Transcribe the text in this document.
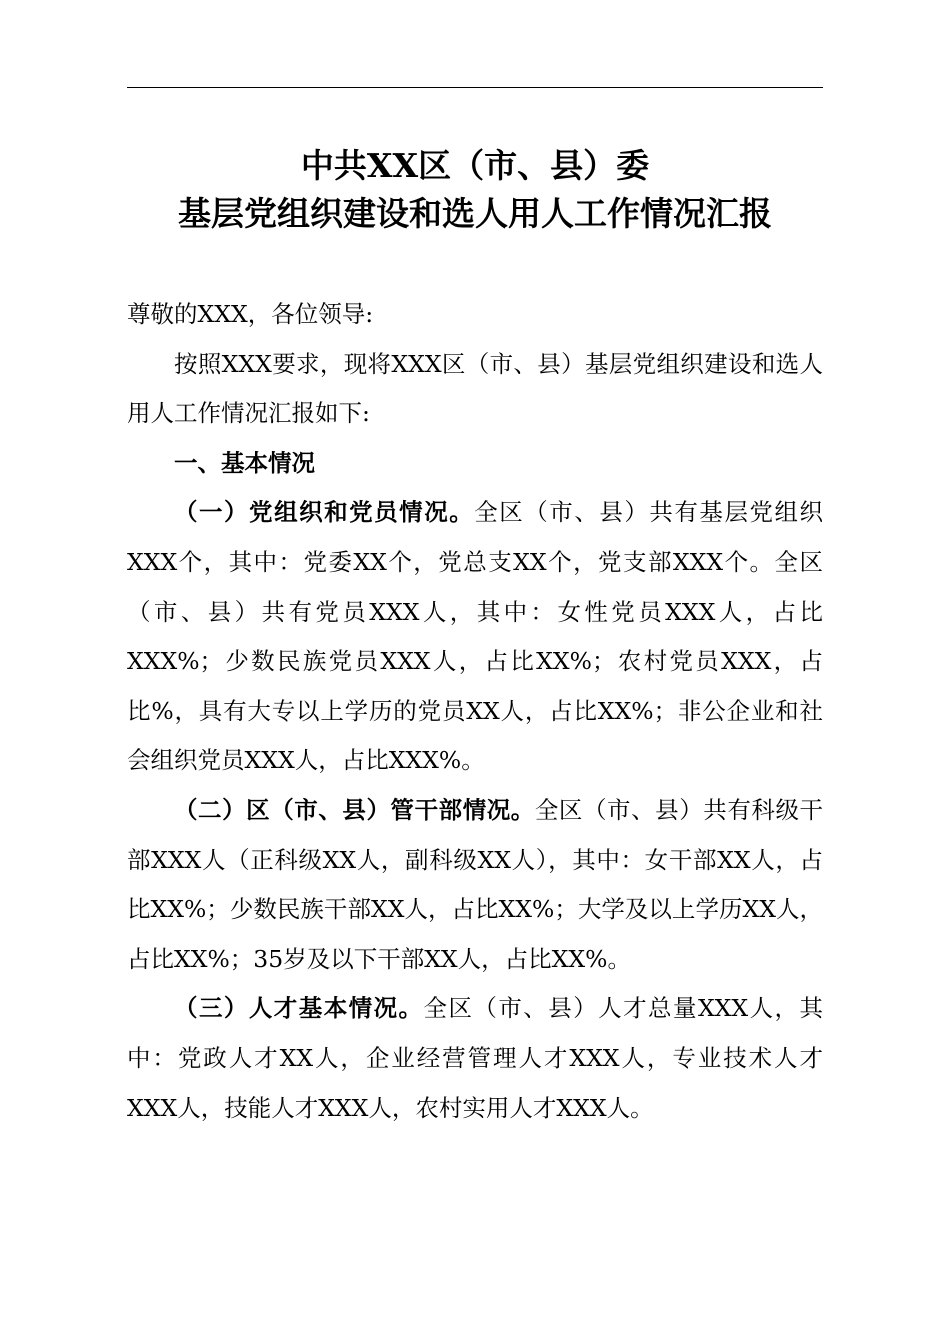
中共XX区（市、县）委
基层党组织建设和选人用人工作情况汇报

尊敬的XXX，各位领导:

按照XXX要求，现将XXX区（市、县）基层党组织建设和选人用人工作情况汇报如下:

一、基本情况

（一）党组织和党员情况。全区（市、县）共有基层党组织XXX个，其中：党委XX个，党总支XX个，党支部XXX个。全区（市、县）共有党员XXX人，其中：女性党员XXX人，占比XXX%；少数民族党员XXX人，占比XX%；农村党员XXX，占比%，具有大专以上学历的党员XX人，占比XX%；非公企业和社会组织党员XXX人，占比XXX%。

（二）区（市、县）管干部情况。全区（市、县）共有科级干部XXX人（正科级XX人，副科级XX人），其中：女干部XX人，占比XX%；少数民族干部XX人，占比XX%；大学及以上学历XX人，占比XX%；35岁及以下干部XX人，占比XX%。

（三）人才基本情况。全区（市、县）人才总量XXX人，其中：党政人才XX人，企业经营管理人才XXX人，专业技术人才XXX人，技能人才XXX人，农村实用人才XXX人。
